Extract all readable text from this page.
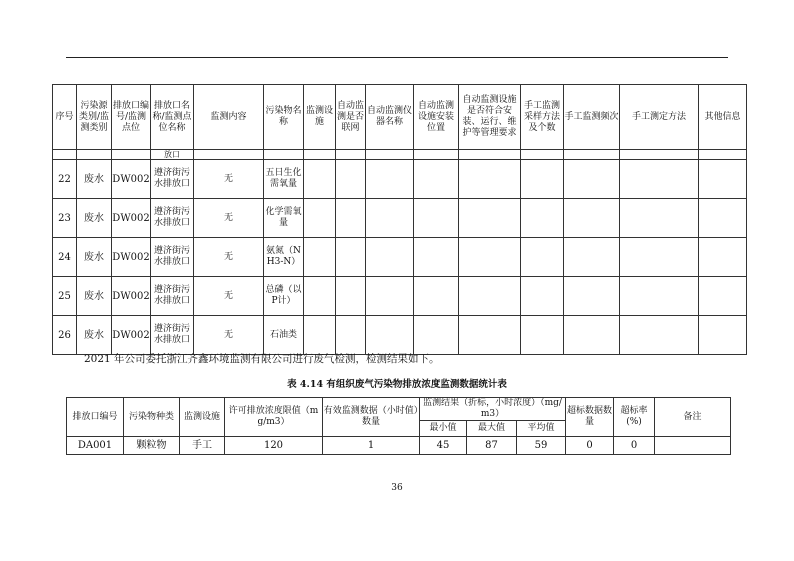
序号	污染源类别/监测类别	排放口编号/监测点位	排放口名称/监测点位名称	监测内容	污染物名称	监测设施	自动监测是否联网	自动监测仪器名称	自动监测设施安装位置	自动监测设施是否符合安装、运行、维护等管理要求	手工监测采样方法及个数	手工监测频次	手工测定方法	其他信息
			放口											
22	废水	DW002	遵济街污水排放口	无	五日生化需氧量									
23	废水	DW002	遵济街污水排放口	无	化学需氧量									
24	废水	DW002	遵济街污水排放口	无	氨氮（NH3-N）									
25	废水	DW002	遵济街污水排放口	无	总磷（以P计）									
26	废水	DW002	遵济街污水排放口	无	石油类									
2021 年公司委托浙江齐鑫环境监测有限公司进行废气检测，检测结果如下。
表 4.14 有组织废气污染物排放浓度监测数据统计表
排放口编号	污染物种类	监测设施	许可排放浓度限值（mg/m3）	有效监测数据（小时值）数量	监测结果（折标，小时浓度）（mg/m3）			超标数据数量	超标率(%)	备注
					最小值	最大值	平均值			
DA001	颗粒物	手工	120	1	45	87	59	0	0	
36
